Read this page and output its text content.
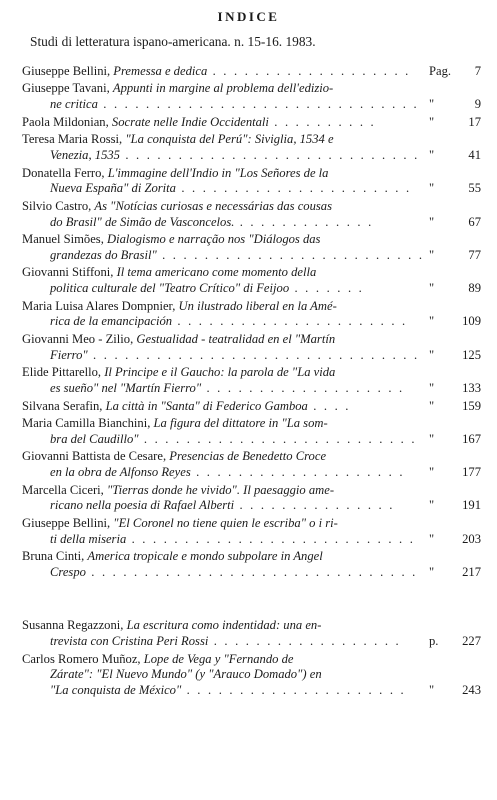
INDICE
Studi di letteratura ispano-americana. n. 15-16. 1983.
Giuseppe Bellini, Premessa e dedica . . . . . . . . . . . . . . . . . . . Pag. 7
Giuseppe Tavani, Appunti in margine al problema dell'edizio-
ne critica . . . . . . . . . . . . . . . . . . . . . . . . . . . . . . "	9
Paola Mildonian, Socrate nelle Indie Occidentali . . . . . . . . . .	"	17
Teresa Maria Rossi, "La conquista del Perú": Siviglia, 1534 e
Venezia, 1535 . . . . . . . . . . . . . . . . . . . . . . . . . . . . "	41
Donatella Ferro, L'immagine dell'Indio in "Los Señores de la
Nueva España" di Zorita . . . . . . . . . . . . . . . . . . . . . . "	55
Silvio Castro, As "Notícias curiosas e necessárias das cousas
do Brasil" de Simão de Vasconcelos. . . . . . . . . . . . . .	"	67
Manuel Simões, Dialogismo e narração nos "Diálogos das
grandezas do Brasil" . . . . . . . . . . . . . . . . . . . . . . . . . "	77
Giovanni Stiffoni, Il tema americano come momento della
politica culturale del "Teatro Crítico" di Feijoo . . . . . . .	"	89
Maria Luisa Alares Dompnier, Un ilustrado liberal en la Amé-
rica de la emancipación . . . . . . . . . . . . . . . . . . . . . . " 109
Giovanni Meo - Zilio, Gestualidad - teatralidad en el "Martín
Fierro" . . . . . . . . . . . . . . . . . . . . . . . . . . . . . . . " 125
Elide Pittarello, Il Principe e il Gaucho: la parola de "La vida
es sueño" nel "Martín Fierro" . . . . . . . . . . . . . . . . . . . " 133
Silvana Serafin, La città in "Santa" di Federico Gamboa . . . .	" 159
Maria Camilla Bianchini, La figura del dittatore in "La som-
bra del Caudillo" . . . . . . . . . . . . . . . . . . . . . . . . . . " 167
Giovanni Battista de Cesare, Presencias de Benedetto Croce
en la obra de Alfonso Reyes . . . . . . . . . . . . . . . . . . . . " 177
Marcella Ciceri, "Tierras donde he vivido". Il paesaggio ame-
ricano nella poesia di Rafael Alberti . . . . . . . . . . . . . . .	" 191
Giuseppe Bellini, "El Coronel no tiene quien le escriba" o i ri-
ti della miseria . . . . . . . . . . . . . . . . . . . . . . . . . . . " 203
Bruna Cinti, America tropicale e mondo subpolare in Angel
Crespo . . . . . . . . . . . . . . . . . . . . . . . . . . . . . . . " 217
Susanna Regazzoni, La escritura como indentidad: una en-
trevista con Cristina Peri Rossi . . . . . . . . . . . . . . . . . . p. 227
Carlos Romero Muñoz, Lope de Vega y "Fernando de
Zárate": "El Nuevo Mundo" (y "Arauco Domado") en
"La conquista de México" . . . . . . . . . . . . . . . . . . . . . " 243
